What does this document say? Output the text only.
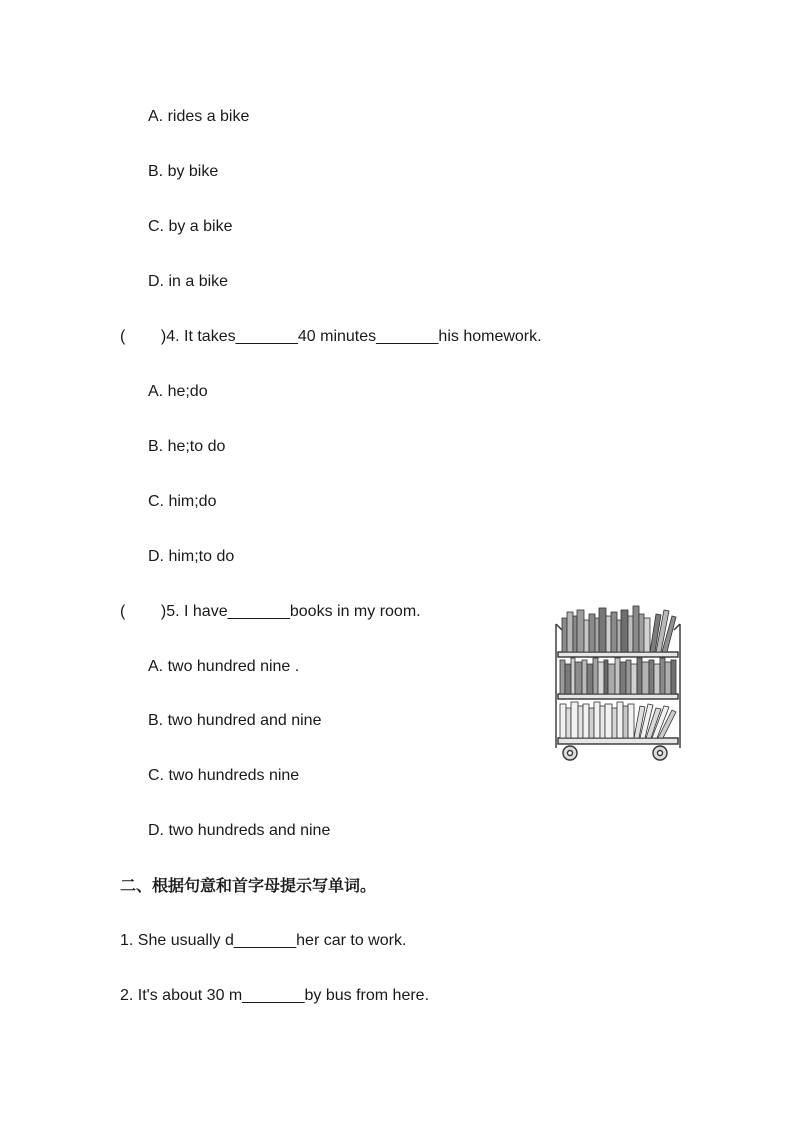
A. rides a bike
B. by bike
C. by a bike
D. in a bike
(        )4. It takes_______40 minutes_______his homework.
A. he;do
B. he;to do
C. him;do
D. him;to do
(        )5. I have_______books in my room.
A. two hundred nine .
B. two hundred and nine
C. two hundreds nine
D. two hundreds and nine
二、根据句意和首字母提示写单词。
1. She usually d_______her car to work.
2. It's about 30 m_______by bus from here.
